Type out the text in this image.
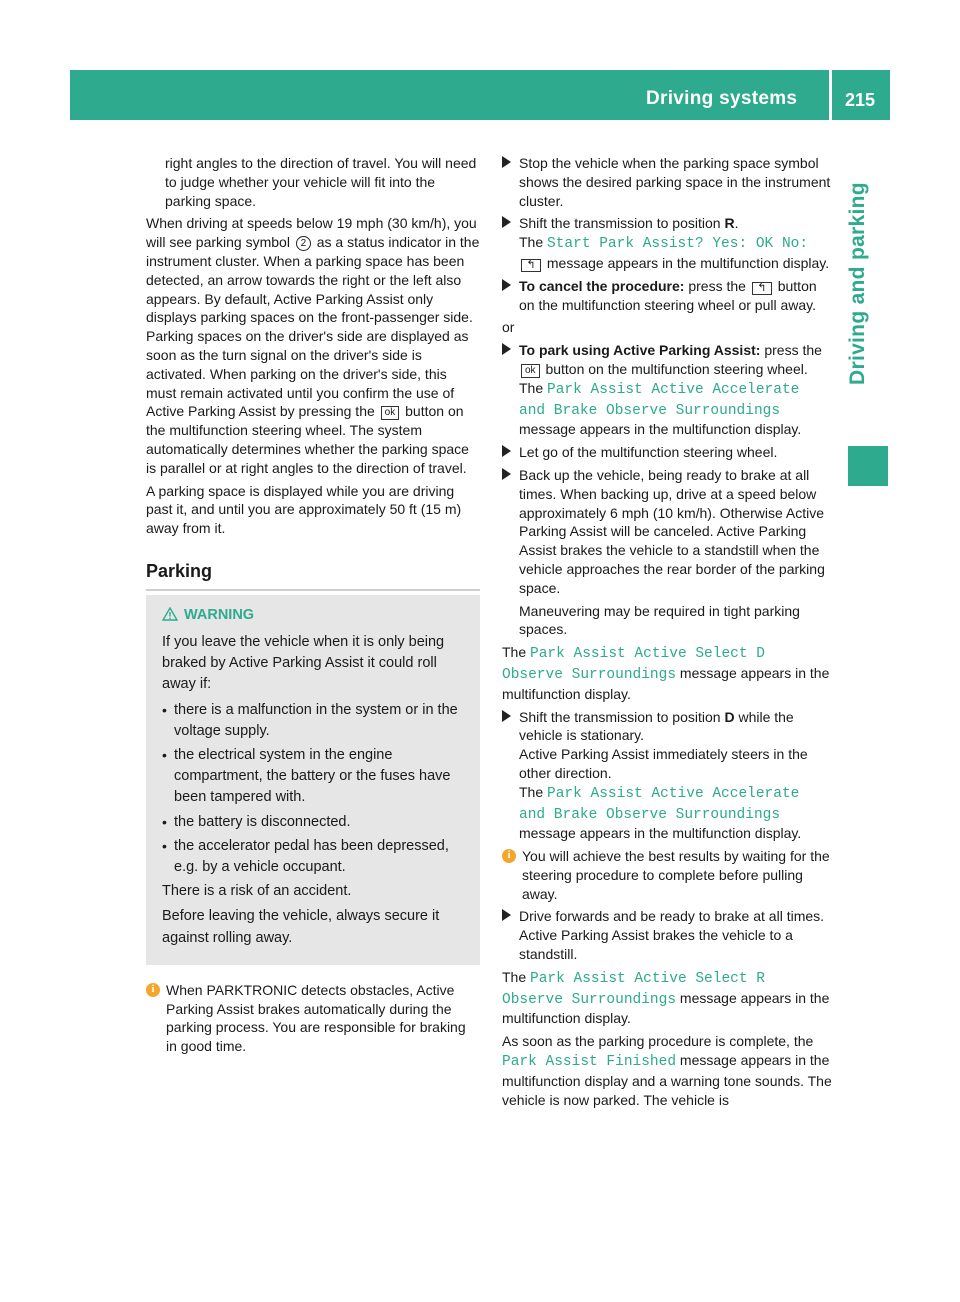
Driving systems	215
Driving and parking

right angles to the direction of travel. You will need to judge whether your vehicle will fit into the parking space.

When driving at speeds below 19 mph (30 km/h), you will see parking symbol 2 as a status indicator in the instrument cluster. When a parking space has been detected, an arrow towards the right or the left also appears. By default, Active Parking Assist only displays parking spaces on the front-passenger side. Parking spaces on the driver's side are displayed as soon as the turn signal on the driver's side is activated. When parking on the driver's side, this must remain activated until you confirm the use of Active Parking Assist by pressing the ok button on the multifunction steering wheel. The system automatically determines whether the parking space is parallel or at right angles to the direction of travel.

A parking space is displayed while you are driving past it, and until you are approximately 50 ft (15 m) away from it.

Parking
WARNING

If you leave the vehicle when it is only being braked by Active Parking Assist it could roll away if:

• there is a malfunction in the system or in the voltage supply.
• the electrical system in the engine compartment, the battery or the fuses have been tampered with.
• the battery is disconnected.
• the accelerator pedal has been depressed, e.g. by a vehicle occupant.

There is a risk of an accident.

Before leaving the vehicle, always secure it against rolling away.

i When PARKTRONIC detects obstacles, Active Parking Assist brakes automatically during the parking process. You are responsible for braking in good time.
Stop the vehicle when the parking space symbol shows the desired parking space in the instrument cluster.
Shift the transmission to position R.
The Start Park Assist? Yes: OK No:
↰ message appears in the multifunction display.
To cancel the procedure: press the ↰ button on the multifunction steering wheel or pull away.

or

To park using Active Parking Assist: press the ok button on the multifunction steering wheel.
The Park Assist Active Accelerate and Brake Observe Surroundings message appears in the multifunction display.
Let go of the multifunction steering wheel.
Back up the vehicle, being ready to brake at all times. When backing up, drive at a speed below approximately 6 mph (10 km/h). Otherwise Active Parking Assist will be canceled. Active Parking Assist brakes the vehicle to a standstill when the vehicle approaches the rear border of the parking space.

Maneuvering may be required in tight parking spaces.

The Park Assist Active Select D Observe Surroundings message appears in the multifunction display.

Shift the transmission to position D while the vehicle is stationary.
Active Parking Assist immediately steers in the other direction.
The Park Assist Active Accelerate and Brake Observe Surroundings message appears in the multifunction display.
i You will achieve the best results by waiting for the steering procedure to complete before pulling away.
Drive forwards and be ready to brake at all times.
Active Parking Assist brakes the vehicle to a standstill.

The Park Assist Active Select R Observe Surroundings message appears in the multifunction display.

As soon as the parking procedure is complete, the Park Assist Finished message appears in the multifunction display and a warning tone sounds. The vehicle is now parked. The vehicle is
